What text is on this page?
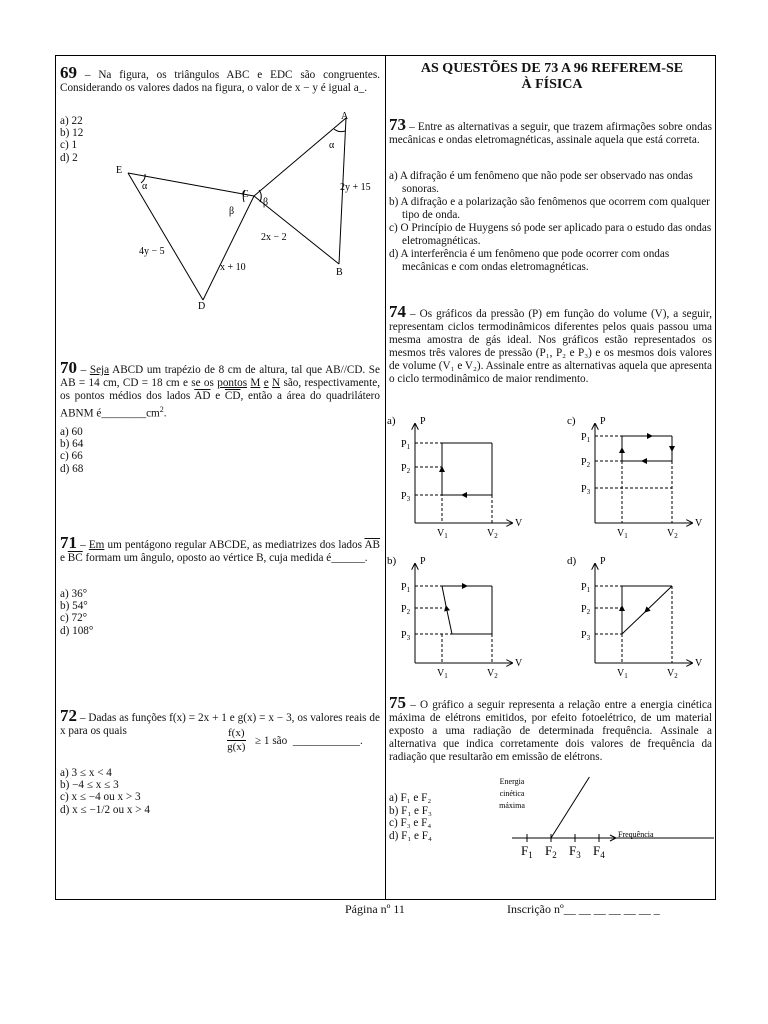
69 – Na figura, os triângulos ABC e EDC são congruentes. Considerando os valores dados na figura, o valor de x − y é igual a_.
a) 22
b) 12
c) 1
d) 2
A
B
C
D
E
α
α
β
β
2y + 15
2x − 2
4y − 5
x + 10
70 – Seja ABCD um trapézio de 8 cm de altura, tal que AB//CD. Se AB = 14 cm, CD = 18 cm e se os pontos M e N são, respectivamente, os pontos médios dos lados $\overline{AD}$ e $\overline{CD}$, então a área do quadrilátero ABNM $é\_\_\_\_\_\_\_\_cm^2$.
a) 60
b) 64
c) 66
d) 68
71 – Em um pentágono regular ABCDE, as mediatrizes dos lados $\overline{AB}$ e $\overline{BC}$ formam um ângulo, oposto ao vértice B, cuja medida é______.
a) 36°
b) 54°
c) 72°
d) 108°
72 – Dadas as funções f(x) = 2x + 1 e g(x) = x − 3, os valores reais de x para os quais	$\frac{f(x)}{g(x)} \ge 1$ são ____________.
a) 3 ≤ x < 4
b) −4 ≤ x ≤ 3
c) x ≤ −4 ou x > 3
d) x ≤ −1/2 ou x > 4
AS QUESTÕES DE 73 A 96 REFEREM-SE
À FÍSICA
73 – Entre as alternativas a seguir, que trazem afirmações sobre ondas mecânicas e ondas eletromagnéticas, assinale aquela que está correta.
a) A difração é um fenômeno que não pode ser observado nas ondas sonoras.
b) A difração e a polarização são fenômenos que ocorrem com qualquer tipo de onda.
c) O Princípio de Huygens só pode ser aplicado para o estudo das ondas eletromagnéticas.
d) A interferência é um fenômeno que pode ocorrer com ondas mecânicas e com ondas eletromagnéticas.
74 – Os gráficos da pressão (P) em função do volume (V), a seguir, representam ciclos termodinâmicos diferentes pelos quais passou uma mesma amostra de gás ideal. Nos gráficos estão representados os mesmos três valores de pressão (P₁, P₂ e P₃) e os mesmos dois valores de volume (V₁ e V₂). Assinale entre as alternativas aquela que apresenta o ciclo termodinâmico de maior rendimento.
a) P
V
$P_1$
$P_2$
$P_3$
$V_1$	$V_2$
c) P
V
$P_1$
$P_2$
$P_3$
$V_1$	$V_2$
b) P
V
$P_1$
$P_2$
$P_3$
$V_1$	$V_2$
d) P
V
$P_1$
$P_2$
$P_3$
$V_1$	$V_2$
75 – O gráfico a seguir representa a relação entre a energia cinética máxima de elétrons emitidos, por efeito fotoelétrico, de um material exposto a uma radiação de determinada frequência. Assinale a alternativa que indica corretamente dois valores de frequência da radiação que resultarão em emissão de elétrons.
a) F₁ e F₂
b) F₁ e F₃
c) F₃ e F₄
d) F₁ e F₄
Energia
cinética
máxima
Frequência
$F_1$ $F_2$ $F_3$ $F_4$
Página nº 11	Inscrição nº__ __ __ __ __ __ _
